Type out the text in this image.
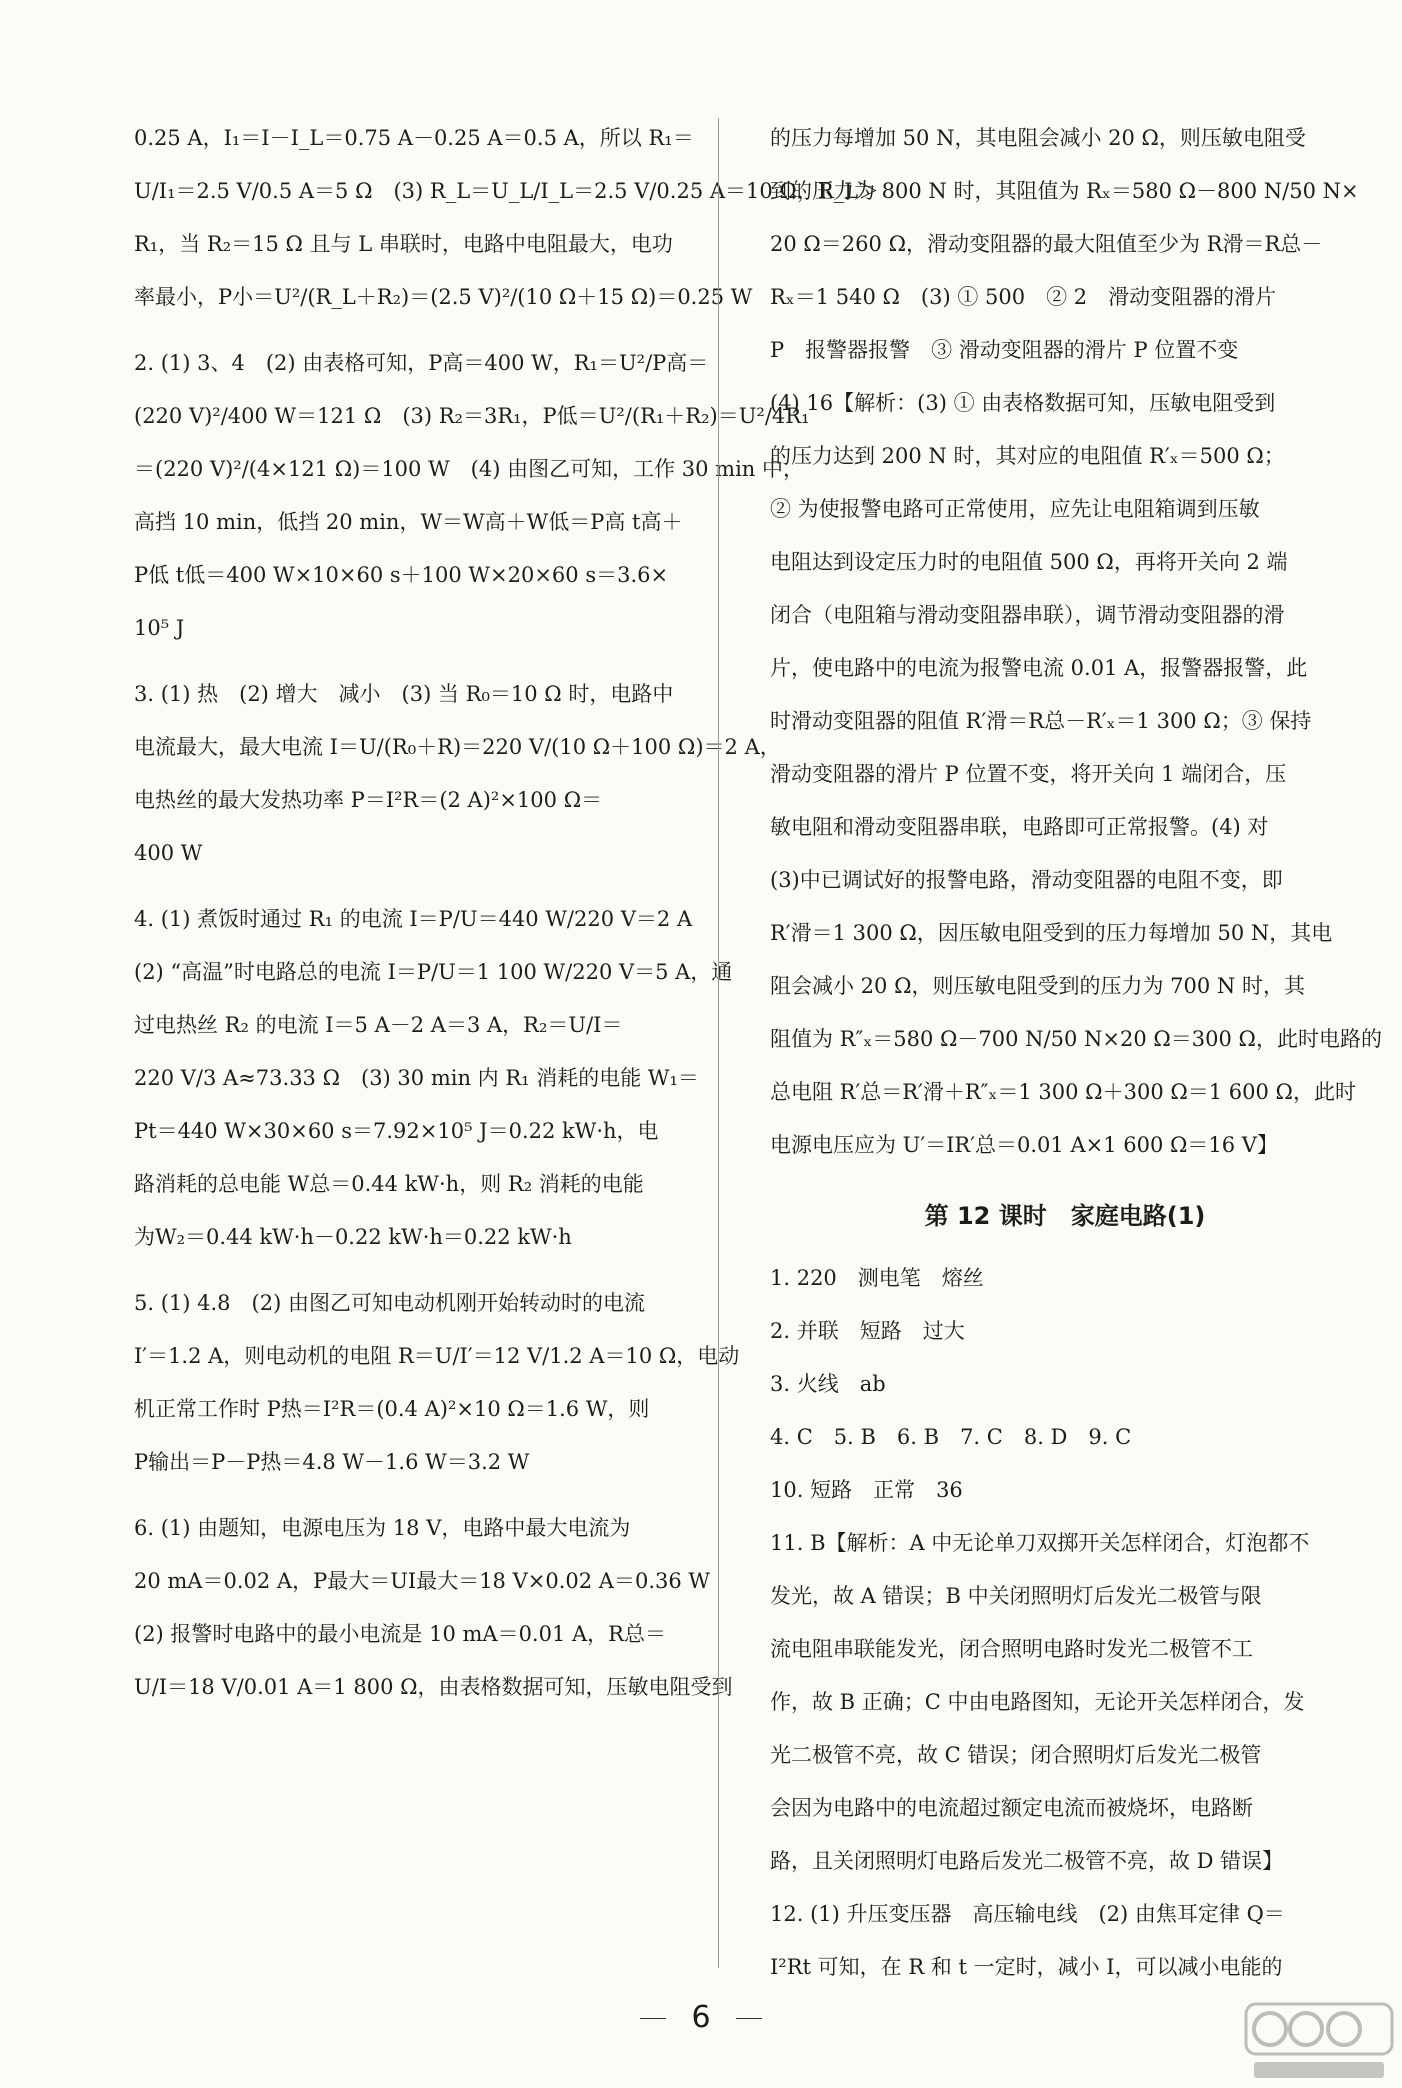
0.25 A，I₁＝I－I_L＝0.75 A－0.25 A＝0.5 A，所以 R₁＝
U/I₁＝2.5 V/0.5 A＝5 Ω　(3) R_L＝U_L/I_L＝2.5 V/0.25 A＝10 Ω，R_L＞
R₁，当 R₂＝15 Ω 且与 L 串联时，电路中电阻最大，电功
率最小，P小＝U²/(R_L＋R₂)＝(2.5 V)²/(10 Ω＋15 Ω)＝0.25 W
2. (1) 3、4　(2) 由表格可知，P高＝400 W，R₁＝U²/P高＝
(220 V)²/400 W＝121 Ω　(3) R₂＝3R₁，P低＝U²/(R₁＋R₂)＝U²/4R₁
＝(220 V)²/(4×121 Ω)＝100 W　(4) 由图乙可知，工作 30 min 中，
高挡 10 min，低挡 20 min，W＝W高＋W低＝P高 t高＋
P低 t低＝400 W×10×60 s＋100 W×20×60 s＝3.6×
10⁵ J
3. (1) 热　(2) 增大　减小　(3) 当 R₀＝10 Ω 时，电路中
电流最大，最大电流 I＝U/(R₀＋R)＝220 V/(10 Ω＋100 Ω)＝2 A，
电热丝的最大发热功率 P＝I²R＝(2 A)²×100 Ω＝
400 W
4. (1) 煮饭时通过 R₁ 的电流 I＝P/U＝440 W/220 V＝2 A
(2) “高温”时电路总的电流 I＝P/U＝1 100 W/220 V＝5 A，通
过电热丝 R₂ 的电流 I＝5 A－2 A＝3 A，R₂＝U/I＝
220 V/3 A≈73.33 Ω　(3) 30 min 内 R₁ 消耗的电能 W₁＝
Pt＝440 W×30×60 s＝7.92×10⁵ J＝0.22 kW·h，电
路消耗的总电能 W总＝0.44 kW·h，则 R₂ 消耗的电能
为W₂＝0.44 kW·h－0.22 kW·h＝0.22 kW·h
5. (1) 4.8　(2) 由图乙可知电动机刚开始转动时的电流
I′＝1.2 A，则电动机的电阻 R＝U/I′＝12 V/1.2 A＝10 Ω，电动
机正常工作时 P热＝I²R＝(0.4 A)²×10 Ω＝1.6 W，则
P输出＝P－P热＝4.8 W－1.6 W＝3.2 W
6. (1) 由题知，电源电压为 18 V，电路中最大电流为
20 mA＝0.02 A，P最大＝UI最大＝18 V×0.02 A＝0.36 W
(2) 报警时电路中的最小电流是 10 mA＝0.01 A，R总＝
U/I＝18 V/0.01 A＝1 800 Ω，由表格数据可知，压敏电阻受到
的压力每增加 50 N，其电阻会减小 20 Ω，则压敏电阻受
到的压力为 800 N 时，其阻值为 Rₓ＝580 Ω－800 N/50 N×
20 Ω＝260 Ω，滑动变阻器的最大阻值至少为 R滑＝R总－
Rₓ＝1 540 Ω　(3) ① 500　② 2　滑动变阻器的滑片
P　报警器报警　③ 滑动变阻器的滑片 P 位置不变
(4) 16【解析：(3) ① 由表格数据可知，压敏电阻受到
的压力达到 200 N 时，其对应的电阻值 R′ₓ＝500 Ω；
② 为使报警电路可正常使用，应先让电阻箱调到压敏
电阻达到设定压力时的电阻值 500 Ω，再将开关向 2 端
闭合（电阻箱与滑动变阻器串联），调节滑动变阻器的滑
片，使电路中的电流为报警电流 0.01 A，报警器报警，此
时滑动变阻器的阻值 R′滑＝R总－R′ₓ＝1 300 Ω；③ 保持
滑动变阻器的滑片 P 位置不变，将开关向 1 端闭合，压
敏电阻和滑动变阻器串联，电路即可正常报警。(4) 对
(3)中已调试好的报警电路，滑动变阻器的电阻不变，即
R′滑＝1 300 Ω，因压敏电阻受到的压力每增加 50 N，其电
阻会减小 20 Ω，则压敏电阻受到的压力为 700 N 时，其
阻值为 R″ₓ＝580 Ω－700 N/50 N×20 Ω＝300 Ω，此时电路的
总电阻 R′总＝R′滑＋R″ₓ＝1 300 Ω＋300 Ω＝1 600 Ω，此时
电源电压应为 U′＝IR′总＝0.01 A×1 600 Ω＝16 V】
第 12 课时　家庭电路(1)
1. 220　测电笔　熔丝
2. 并联　短路　过大
3. 火线　ab
4. C　5. B　6. B　7. C　8. D　9. C
10. 短路　正常　36
11. B【解析：A 中无论单刀双掷开关怎样闭合，灯泡都不
发光，故 A 错误；B 中关闭照明灯后发光二极管与限
流电阻串联能发光，闭合照明电路时发光二极管不工
作，故 B 正确；C 中由电路图知，无论开关怎样闭合，发
光二极管不亮，故 C 错误；闭合照明灯后发光二极管
会因为电路中的电流超过额定电流而被烧坏，电路断
路，且关闭照明灯电路后发光二极管不亮，故 D 错误】
12. (1) 升压变压器　高压输电线　(2) 由焦耳定律 Q＝
I²Rt 可知，在 R 和 t 一定时，减小 I，可以减小电能的
6
